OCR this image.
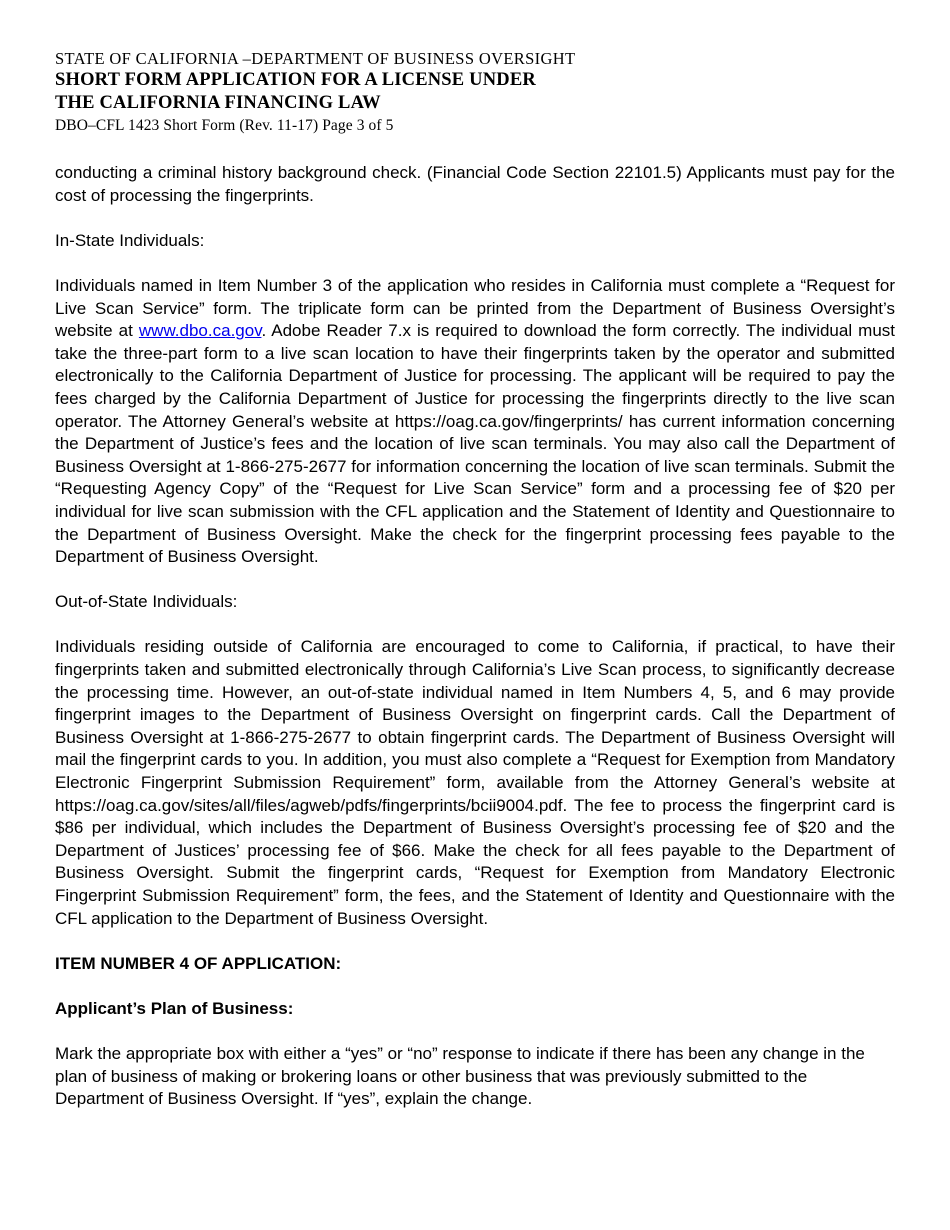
STATE OF CALIFORNIA –DEPARTMENT OF BUSINESS OVERSIGHT
SHORT FORM APPLICATION FOR A LICENSE UNDER
THE CALIFORNIA FINANCING LAW
DBO–CFL 1423 Short Form (Rev. 11-17) Page 3 of 5

conducting a criminal history background check. (Financial Code Section 22101.5) Applicants must pay for the cost of processing the fingerprints.

In-State Individuals:

Individuals named in Item Number 3 of the application who resides in California must complete a “Request for Live Scan Service” form. The triplicate form can be printed from the Department of Business Oversight’s website at www.dbo.ca.gov. Adobe Reader 7.x is required to download the form correctly. The individual must take the three-part form to a live scan location to have their fingerprints taken by the operator and submitted electronically to the California Department of Justice for processing. The applicant will be required to pay the fees charged by the California Department of Justice for processing the fingerprints directly to the live scan operator. The Attorney General’s website at https://oag.ca.gov/fingerprints/ has current information concerning the Department of Justice’s fees and the location of live scan terminals. You may also call the Department of Business Oversight at 1-866-275-2677 for information concerning the location of live scan terminals. Submit the “Requesting Agency Copy” of the “Request for Live Scan Service” form and a processing fee of $20 per individual for live scan submission with the CFL application and the Statement of Identity and Questionnaire to the Department of Business Oversight. Make the check for the fingerprint processing fees payable to the Department of Business Oversight.

Out-of-State Individuals:

Individuals residing outside of California are encouraged to come to California, if practical, to have their fingerprints taken and submitted electronically through California’s Live Scan process, to significantly decrease the processing time. However, an out-of-state individual named in Item Numbers 4, 5, and 6 may provide fingerprint images to the Department of Business Oversight on fingerprint cards. Call the Department of Business Oversight at 1-866-275-2677 to obtain fingerprint cards. The Department of Business Oversight will mail the fingerprint cards to you. In addition, you must also complete a “Request for Exemption from Mandatory Electronic Fingerprint Submission Requirement” form, available from the Attorney General’s website at https://oag.ca.gov/sites/all/files/agweb/pdfs/fingerprints/bcii9004.pdf. The fee to process the fingerprint card is $86 per individual, which includes the Department of Business Oversight’s processing fee of $20 and the Department of Justices’ processing fee of $66. Make the check for all fees payable to the Department of Business Oversight. Submit the fingerprint cards, “Request for Exemption from Mandatory Electronic Fingerprint Submission Requirement” form, the fees, and the Statement of Identity and Questionnaire with the CFL application to the Department of Business Oversight.

ITEM NUMBER 4 OF APPLICATION:

Applicant’s Plan of Business:

Mark the appropriate box with either a “yes” or “no” response to indicate if there has been any change in the plan of business of making or brokering loans or other business that was previously submitted to the Department of Business Oversight. If “yes”, explain the change.
